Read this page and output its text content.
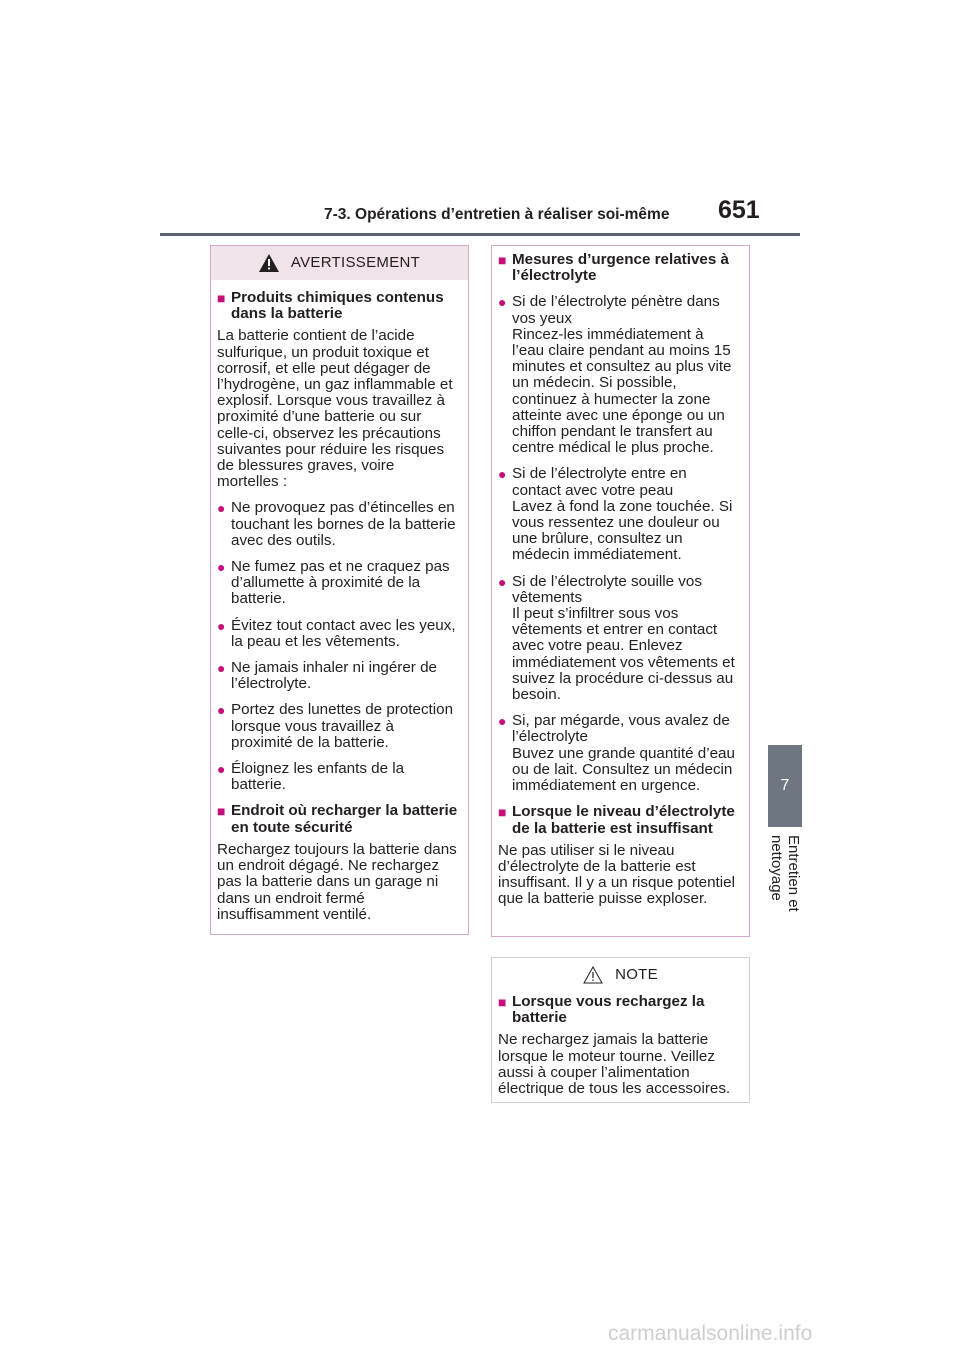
7-3. Opérations d’entretien à réaliser soi-même 651
7
Entretien et nettoyage
AVERTISSEMENT
■ Produits chimiques contenus dans la batterie
La batterie contient de l’acide sulfurique, un produit toxique et corrosif, et elle peut dégager de l’hydrogène, un gaz inflammable et explosif. Lorsque vous travaillez à proximité d’une batterie ou sur celle-ci, observez les précautions suivantes pour réduire les risques de blessures graves, voire mortelles :
● Ne provoquez pas d’étincelles en touchant les bornes de la batterie avec des outils.
● Ne fumez pas et ne craquez pas d’allumette à proximité de la batterie.
● Évitez tout contact avec les yeux, la peau et les vêtements.
● Ne jamais inhaler ni ingérer de l’électrolyte.
● Portez des lunettes de protection lorsque vous travaillez à proximité de la batterie.
● Éloignez les enfants de la batterie.
■ Endroit où recharger la batterie en toute sécurité
Rechargez toujours la batterie dans un endroit dégagé. Ne rechargez pas la batterie dans un garage ni dans un endroit fermé insuffisamment ventilé.
■ Mesures d’urgence relatives à l’électrolyte
● Si de l’électrolyte pénètre dans vos yeux
Rincez-les immédiatement à l’eau claire pendant au moins 15 minutes et consultez au plus vite un médecin. Si possible, continuez à humecter la zone atteinte avec une éponge ou un chiffon pendant le transfert au centre médical le plus proche.
● Si de l’électrolyte entre en contact avec votre peau
Lavez à fond la zone touchée. Si vous ressentez une douleur ou une brûlure, consultez un médecin immédiatement.
● Si de l’électrolyte souille vos vêtements
Il peut s’infiltrer sous vos vêtements et entrer en contact avec votre peau. Enlevez immédiatement vos vêtements et suivez la procédure ci-dessus au besoin.
● Si, par mégarde, vous avalez de l’électrolyte
Buvez une grande quantité d’eau ou de lait. Consultez un médecin immédiatement en urgence.
■ Lorsque le niveau d’électrolyte de la batterie est insuffisant
Ne pas utiliser si le niveau d’électrolyte de la batterie est insuffisant. Il y a un risque potentiel que la batterie puisse exploser.
NOTE
■ Lorsque vous rechargez la batterie
Ne rechargez jamais la batterie lorsque le moteur tourne. Veillez aussi à couper l’alimentation électrique de tous les accessoires.
carmanualsonline.info
